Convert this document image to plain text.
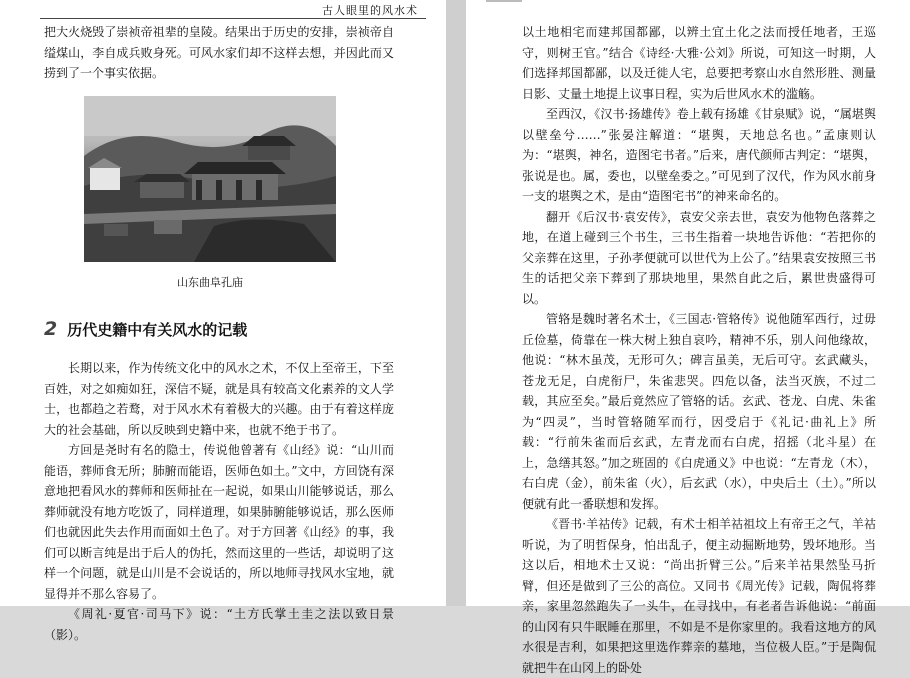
古人眼里的风水术

把大火烧毁了崇祯帝祖辈的皇陵。结果出于历史的安排，崇祯帝自缢煤山，李自成兵败身死。可风水家们却不这样去想，并因此而又捞到了一个事实依据。

山东曲阜孔庙
2 历代史籍中有关风水的记载

长期以来，作为传统文化中的风水之术，不仅上至帝王，下至百姓，对之如痴如狂，深信不疑，就是具有较高文化素养的文人学士，也都趋之若鹜，对于风水术有着极大的兴趣。由于有着这样庞大的社会基础，所以反映到史籍中来，也就不绝于书了。

方回是尧时有名的隐士，传说他曾著有《山经》说：“山川而能语，葬师食无所；肺腑而能语，医师色如土。”文中，方回饶有深意地把看风水的葬师和医师扯在一起说，如果山川能够说话，那么葬师就没有地方吃饭了，同样道理，如果肺腑能够说话，那么医师们也就因此失去作用而面如土色了。对于方回著《山经》的事，我们可以断言纯是出于后人的伪托，然而这里的一些话，却说明了这样一个问题，就是山川是不会说话的，所以地师寻找风水宝地，就显得并不那么容易了。

《周礼·夏官·司马下》说：“土方氏掌土圭之法以致日景（影）。

以土地相宅而建邦国都鄙，以辨土宜土化之法而授任地者，王巡守，则树王官。”结合《诗经·大雅·公刘》所说，可知这一时期，人们选择邦国都鄙，以及迁徙人宅，总要把考察山水自然形胜、测量日影、丈量土地提上议事日程，实为后世风水术的滥觞。

至西汉，《汉书·扬雄传》卷上载有扬雄《甘泉赋》说，“属堪舆以壁垒兮……”张晏注解道：“堪舆，天地总名也。”孟康则认为：“堪舆，神名，造图宅书者。”后来，唐代颜师古判定：“堪舆，张说是也。属，委也，以壁垒委之。”可见到了汉代，作为风水前身一支的堪舆之术，是由“造图宅书”的神来命名的。

翻开《后汉书·袁安传》，袁安父亲去世，袁安为他物色落葬之地，在道上碰到三个书生，三书生指着一块地告诉他：“若把你的父亲葬在这里，子孙孝便就可以世代为上公了。”结果袁安按照三书生的话把父亲下葬到了那块地里，果然自此之后，累世贵盛得可以。

管辂是魏时著名术士，《三国志·管辂传》说他随军西行，过毋丘俭墓，倚靠在一株大树上独自哀吟，精神不乐，别人问他缘故，他说：“林木虽茂，无形可久；碑言虽美，无后可守。玄武藏头，苍龙无足，白虎衔尸，朱雀悲哭。四危以备，法当灭族，不过二载，其应至矣。”最后竟然应了管辂的话。玄武、苍龙、白虎、朱雀为“四灵”，当时管辂随军而行，因受启于《礼记·曲礼上》所载：“行前朱雀而后玄武，左青龙而右白虎，招摇（北斗星）在上，急缮其怒。”加之班固的《白虎通义》中也说：“左青龙（木），右白虎（金），前朱雀（火），后玄武（水），中央后土（土）。”所以便就有此一番联想和发挥。

《晋书·羊祜传》记载，有术士相羊祜祖坟上有帝王之气，羊祜听说，为了明哲保身，怕出乱子，便主动掘断地势，毁坏地形。当这以后，相地术士又说：“尚出折臂三公。”后来羊祜果然坠马折臂，但还是做到了三公的高位。又同书《周光传》记载，陶侃将葬亲，家里忽然跑失了一头牛，在寻找中，有老者告诉他说：“前面的山冈有只牛眠睡在那里，不如是不是你家里的。我看这地方的风水很是吉利，如果把这里选作葬亲的墓地，当位极人臣。”于是陶侃就把牛在山冈上的卧处
